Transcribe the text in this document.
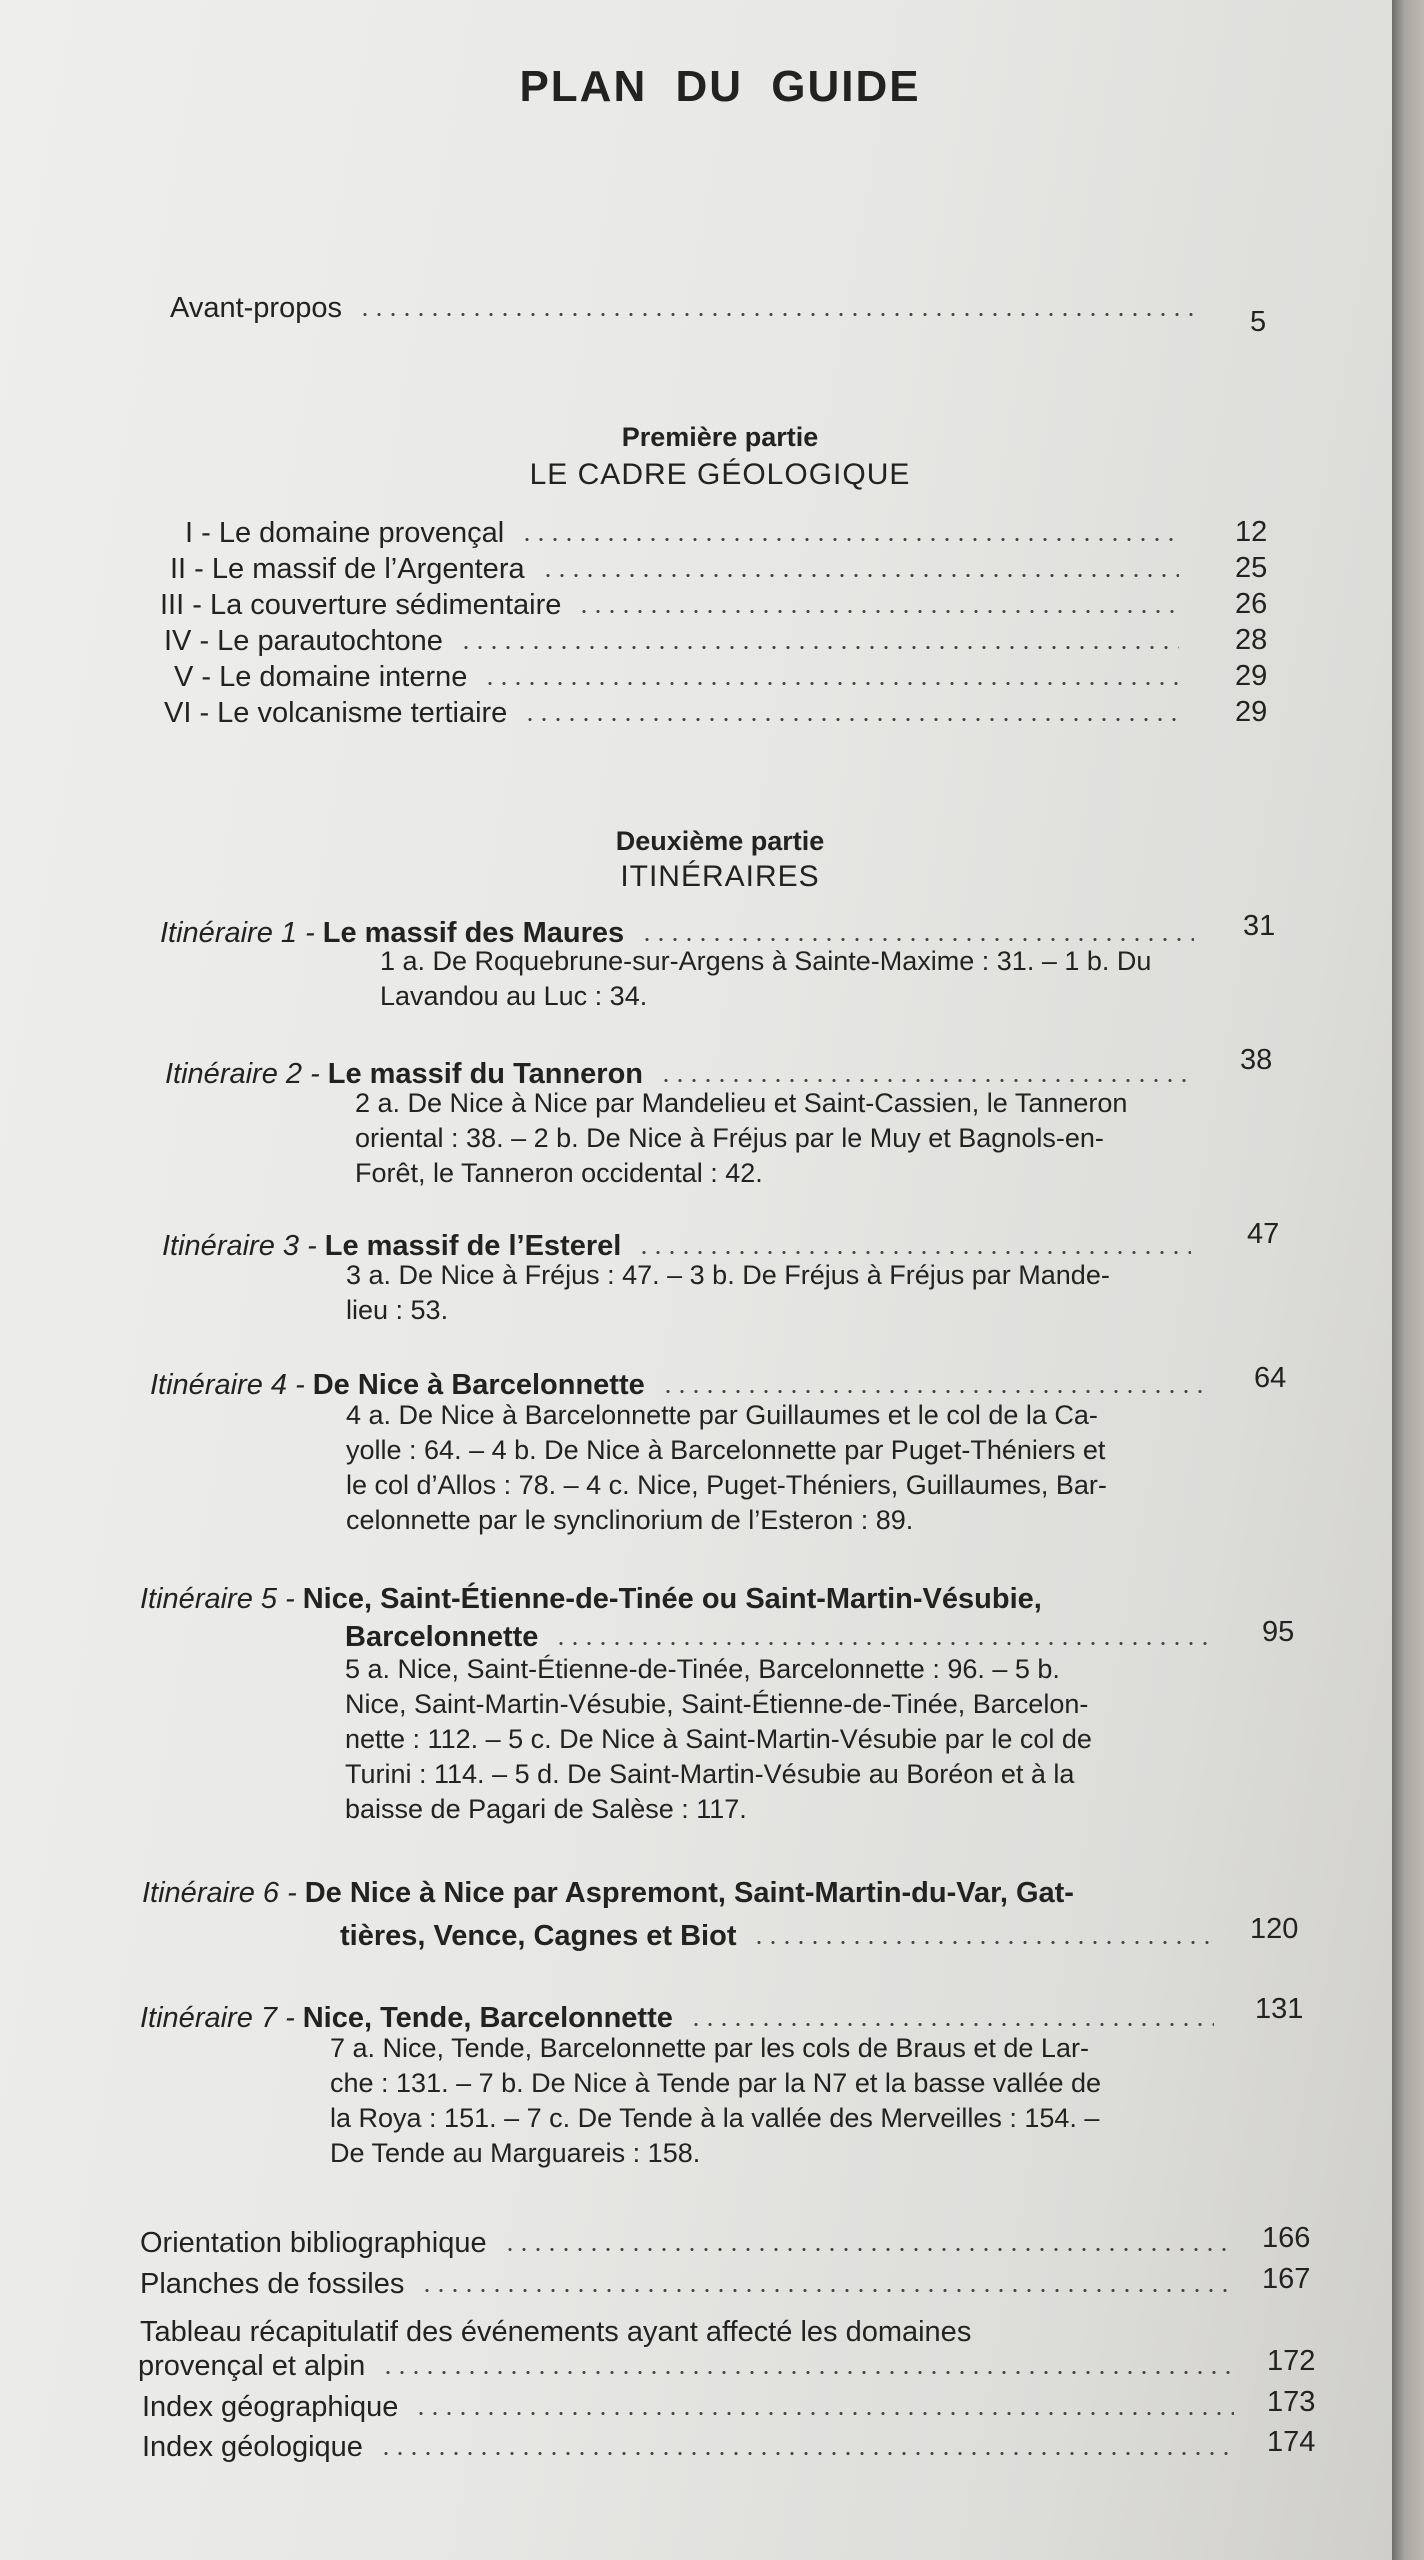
PLAN DU GUIDE
Avant-propos	5
Première partie
LE CADRE GÉOLOGIQUE
I - Le domaine provençal	12
II - Le massif de l’Argentera	25
III - La couverture sédimentaire	26
IV - Le parautochtone	28
V - Le domaine interne	29
VI - Le volcanisme tertiaire	29
Deuxième partie
ITINÉRAIRES
Itinéraire 1 - Le massif des Maures	31
1 a. De Roquebrune-sur-Argens à Sainte-Maxime : 31. – 1 b. Du
Lavandou au Luc : 34.
Itinéraire 2 - Le massif du Tanneron	38
2 a. De Nice à Nice par Mandelieu et Saint-Cassien, le Tanneron
oriental : 38. – 2 b. De Nice à Fréjus par le Muy et Bagnols-en-
Forêt, le Tanneron occidental : 42.
Itinéraire 3 - Le massif de l’Esterel	47
3 a. De Nice à Fréjus : 47. – 3 b. De Fréjus à Fréjus par Mande-
lieu : 53.
Itinéraire 4 - De Nice à Barcelonnette	64
4 a. De Nice à Barcelonnette par Guillaumes et le col de la Ca-
yolle : 64. – 4 b. De Nice à Barcelonnette par Puget-Théniers et
le col d’Allos : 78. – 4 c. Nice, Puget-Théniers, Guillaumes, Bar-
celonnette par le synclinorium de l’Esteron : 89.
Itinéraire 5 - Nice, Saint-Étienne-de-Tinée ou Saint-Martin-Vésubie,
Barcelonnette	95
5 a. Nice, Saint-Étienne-de-Tinée, Barcelonnette : 96. – 5 b.
Nice, Saint-Martin-Vésubie, Saint-Étienne-de-Tinée, Barcelon-
nette : 112. – 5 c. De Nice à Saint-Martin-Vésubie par le col de
Turini : 114. – 5 d. De Saint-Martin-Vésubie au Boréon et à la
baisse de Pagari de Salèse : 117.
Itinéraire 6 - De Nice à Nice par Aspremont, Saint-Martin-du-Var, Gat-
tières, Vence, Cagnes et Biot	120
Itinéraire 7 - Nice, Tende, Barcelonnette	131
7 a. Nice, Tende, Barcelonnette par les cols de Braus et de Lar-
che : 131. – 7 b. De Nice à Tende par la N7 et la basse vallée de
la Roya : 151. – 7 c. De Tende à la vallée des Merveilles : 154. –
De Tende au Marguareis : 158.
Orientation bibliographique	166
Planches de fossiles	167
Tableau récapitulatif des événements ayant affecté les domaines
provençal et alpin	172
Index géographique	173
Index géologique	174
